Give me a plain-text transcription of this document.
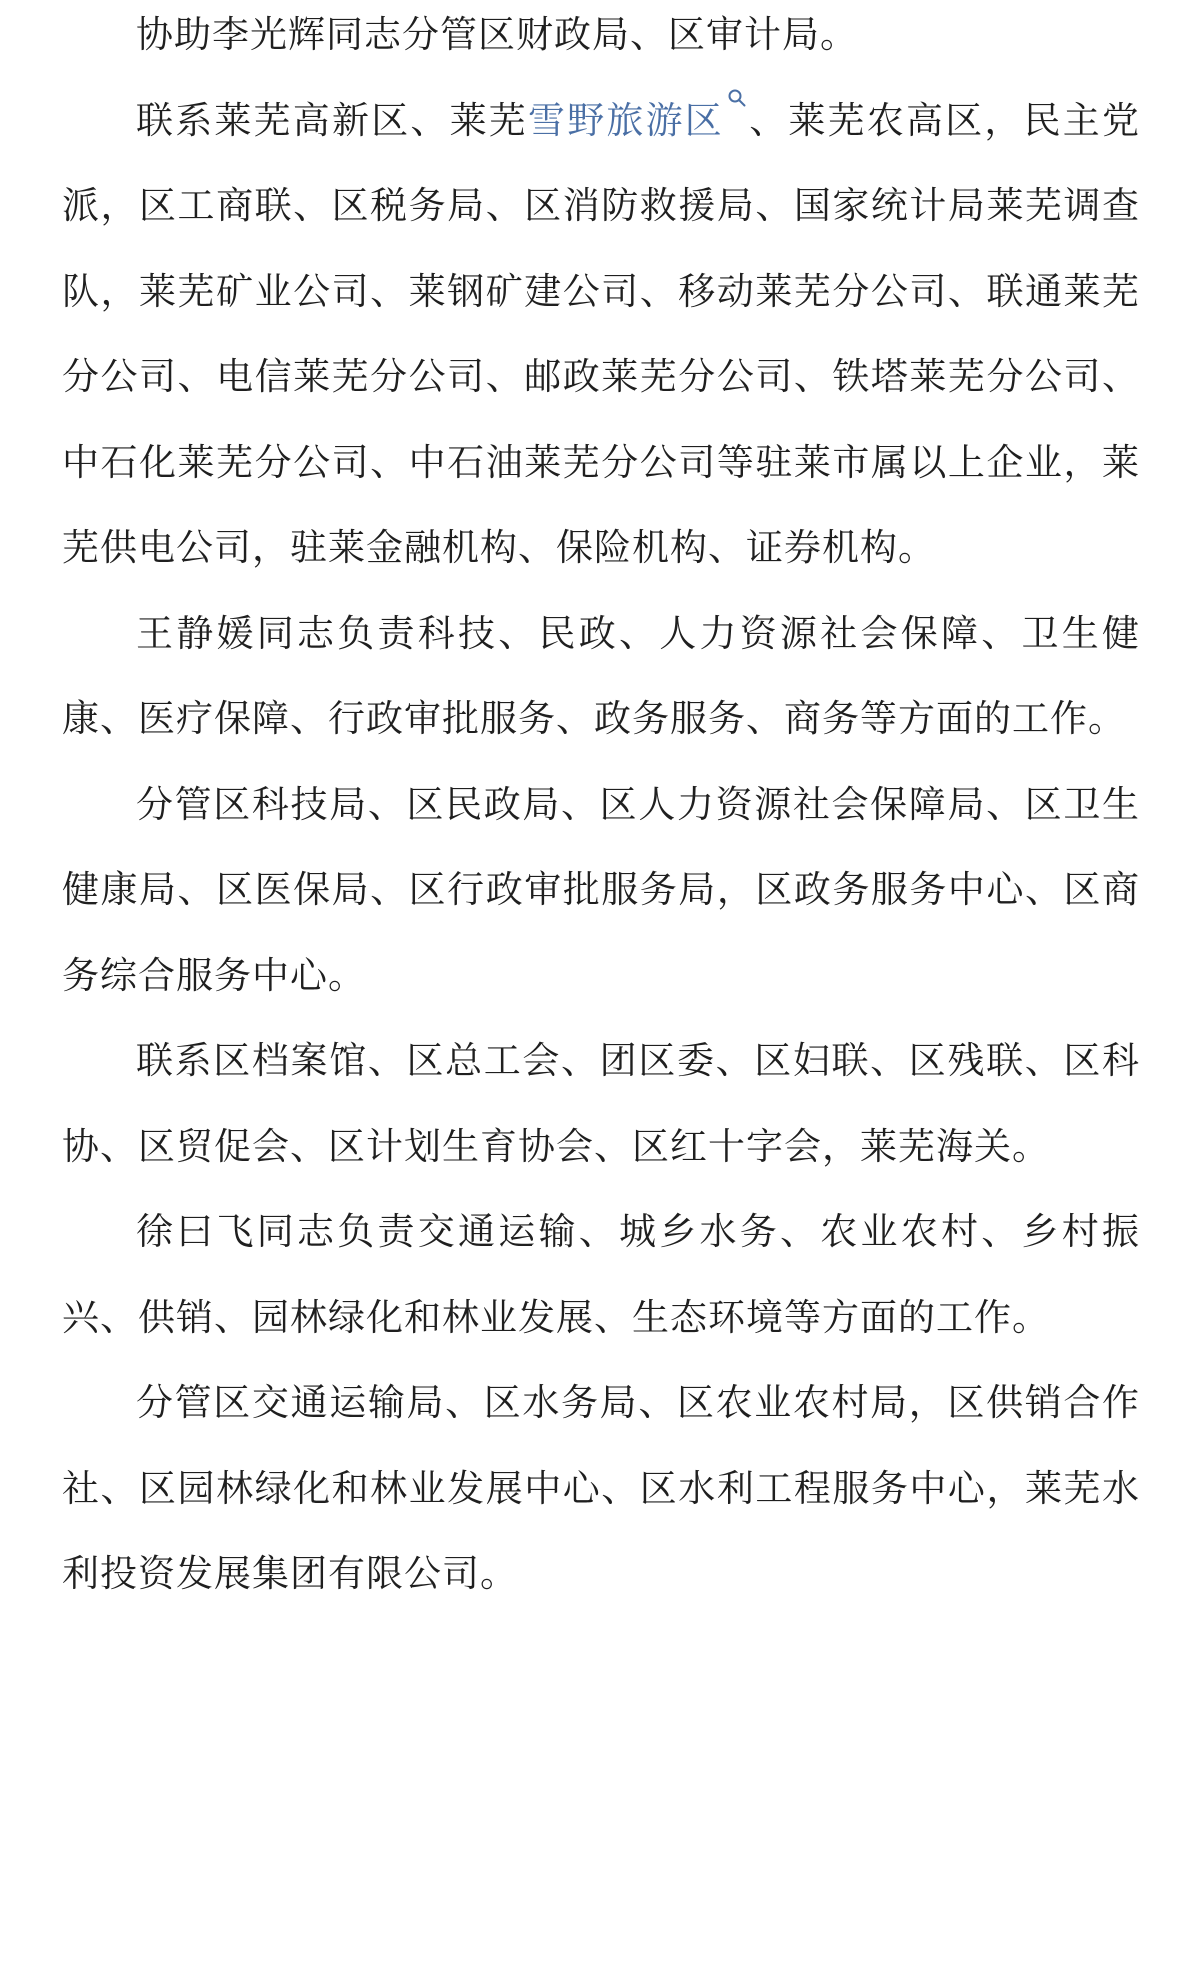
协助李光辉同志分管区财政局、区审计局。

联系莱芜高新区、莱芜雪野旅游区 、莱芜农高区，民主党派，区工商联、区税务局、区消防救援局、国家统计局莱芜调查队，莱芜矿业公司、莱钢矿建公司、移动莱芜分公司、联通莱芜分公司、电信莱芜分公司、邮政莱芜分公司、铁塔莱芜分公司、中石化莱芜分公司、中石油莱芜分公司等驻莱市属以上企业，莱芜供电公司，驻莱金融机构、保险机构、证券机构。

王静媛同志负责科技、民政、人力资源社会保障、卫生健康、医疗保障、行政审批服务、政务服务、商务等方面的工作。

分管区科技局、区民政局、区人力资源社会保障局、区卫生健康局、区医保局、区行政审批服务局，区政务服务中心、区商务综合服务中心。

联系区档案馆、区总工会、团区委、区妇联、区残联、区科协、区贸促会、区计划生育协会、区红十字会，莱芜海关。

徐曰飞同志负责交通运输、城乡水务、农业农村、乡村振兴、供销、园林绿化和林业发展、生态环境等方面的工作。

分管区交通运输局、区水务局、区农业农村局，区供销合作社、区园林绿化和林业发展中心、区水利工程服务中心，莱芜水利投资发展集团有限公司。
